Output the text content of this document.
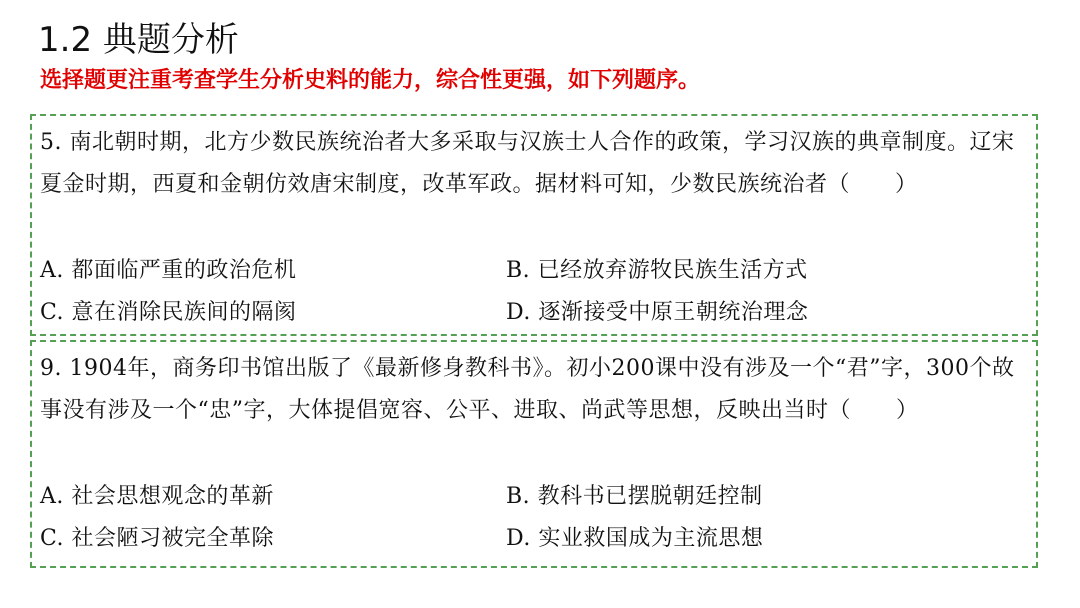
1.2 典题分析
选择题更注重考查学生分析史料的能力，综合性更强，如下列题序。
5. 南北朝时期，北方少数民族统治者大多采取与汉族士人合作的政策，学习汉族的典章制度。辽宋夏金时期，西夏和金朝仿效唐宋制度，改革军政。据材料可知，少数民族统治者（　　）
A. 都面临严重的政治危机	B. 已经放弃游牧民族生活方式
C. 意在消除民族间的隔阂	D. 逐渐接受中原王朝统治理念
9. 1904年，商务印书馆出版了《最新修身教科书》。初小200课中没有涉及一个“君”字，300个故事没有涉及一个“忠”字，大体提倡宽容、公平、进取、尚武等思想，反映出当时（　　）
A. 社会思想观念的革新	B. 教科书已摆脱朝廷控制
C. 社会陋习被完全革除	D. 实业救国成为主流思想
